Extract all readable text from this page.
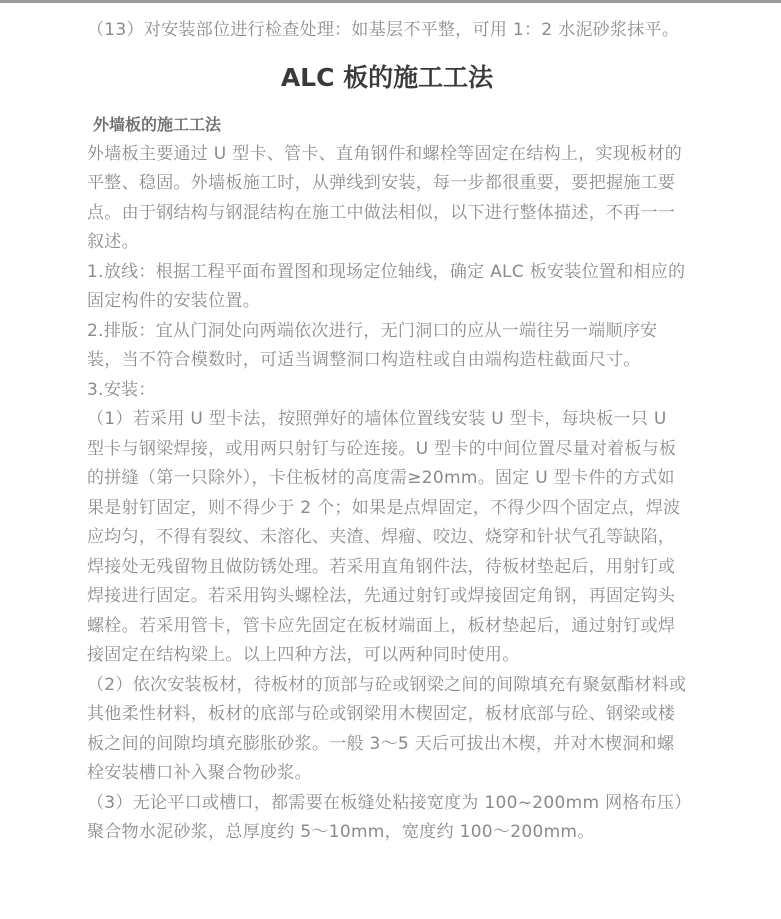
（13）对安装部位进行检查处理：如基层不平整，可用 1：2 水泥砂浆抹平。

ALC 板的施工工法
外墙板的施工工法

外墙板主要通过 U 型卡、管卡、直角钢件和螺栓等固定在结构上，实现板材的平整、稳固。外墙板施工时，从弹线到安装，每一步都很重要，要把握施工要点。由于钢结构与钢混结构在施工中做法相似，以下进行整体描述，不再一一叙述。

1.放线：根据工程平面布置图和现场定位轴线，确定 ALC 板安装位置和相应的固定构件的安装位置。

2.排版：宜从门洞处向两端依次进行，无门洞口的应从一端往另一端顺序安装，当不符合模数时，可适当调整洞口构造柱或自由端构造柱截面尺寸。

3.安装：

（1）若采用 U 型卡法，按照弹好的墙体位置线安装 U 型卡，每块板一只 U 型卡与钢梁焊接，或用两只射钉与砼连接。U 型卡的中间位置尽量对着板与板的拼缝（第一只除外），卡住板材的高度需≥20mm。固定 U 型卡件的方式如果是射钉固定，则不得少于 2 个；如果是点焊固定，不得少四个固定点，焊波应均匀，不得有裂纹、未溶化、夹渣、焊瘤、咬边、烧穿和针状气孔等缺陷，焊接处无残留物且做防锈处理。若采用直角钢件法，待板材垫起后，用射钉或焊接进行固定。若采用钩头螺栓法，先通过射钉或焊接固定角钢，再固定钩头螺栓。若采用管卡，管卡应先固定在板材端面上，板材垫起后，通过射钉或焊接固定在结构梁上。以上四种方法，可以两种同时使用。

（2）依次安装板材，待板材的顶部与砼或钢梁之间的间隙填充有聚氨酯材料或其他柔性材料，板材的底部与砼或钢梁用木楔固定，板材底部与砼、钢梁或楼板之间的间隙均填充膨胀砂浆。一般 3～5 天后可拔出木楔，并对木楔洞和螺栓安装槽口补入聚合物砂浆。

（3）无论平口或槽口，都需要在板缝处粘接宽度为 100~200mm 网格布压）聚合物水泥砂浆，总厚度约 5～10mm，宽度约 100～200mm。
